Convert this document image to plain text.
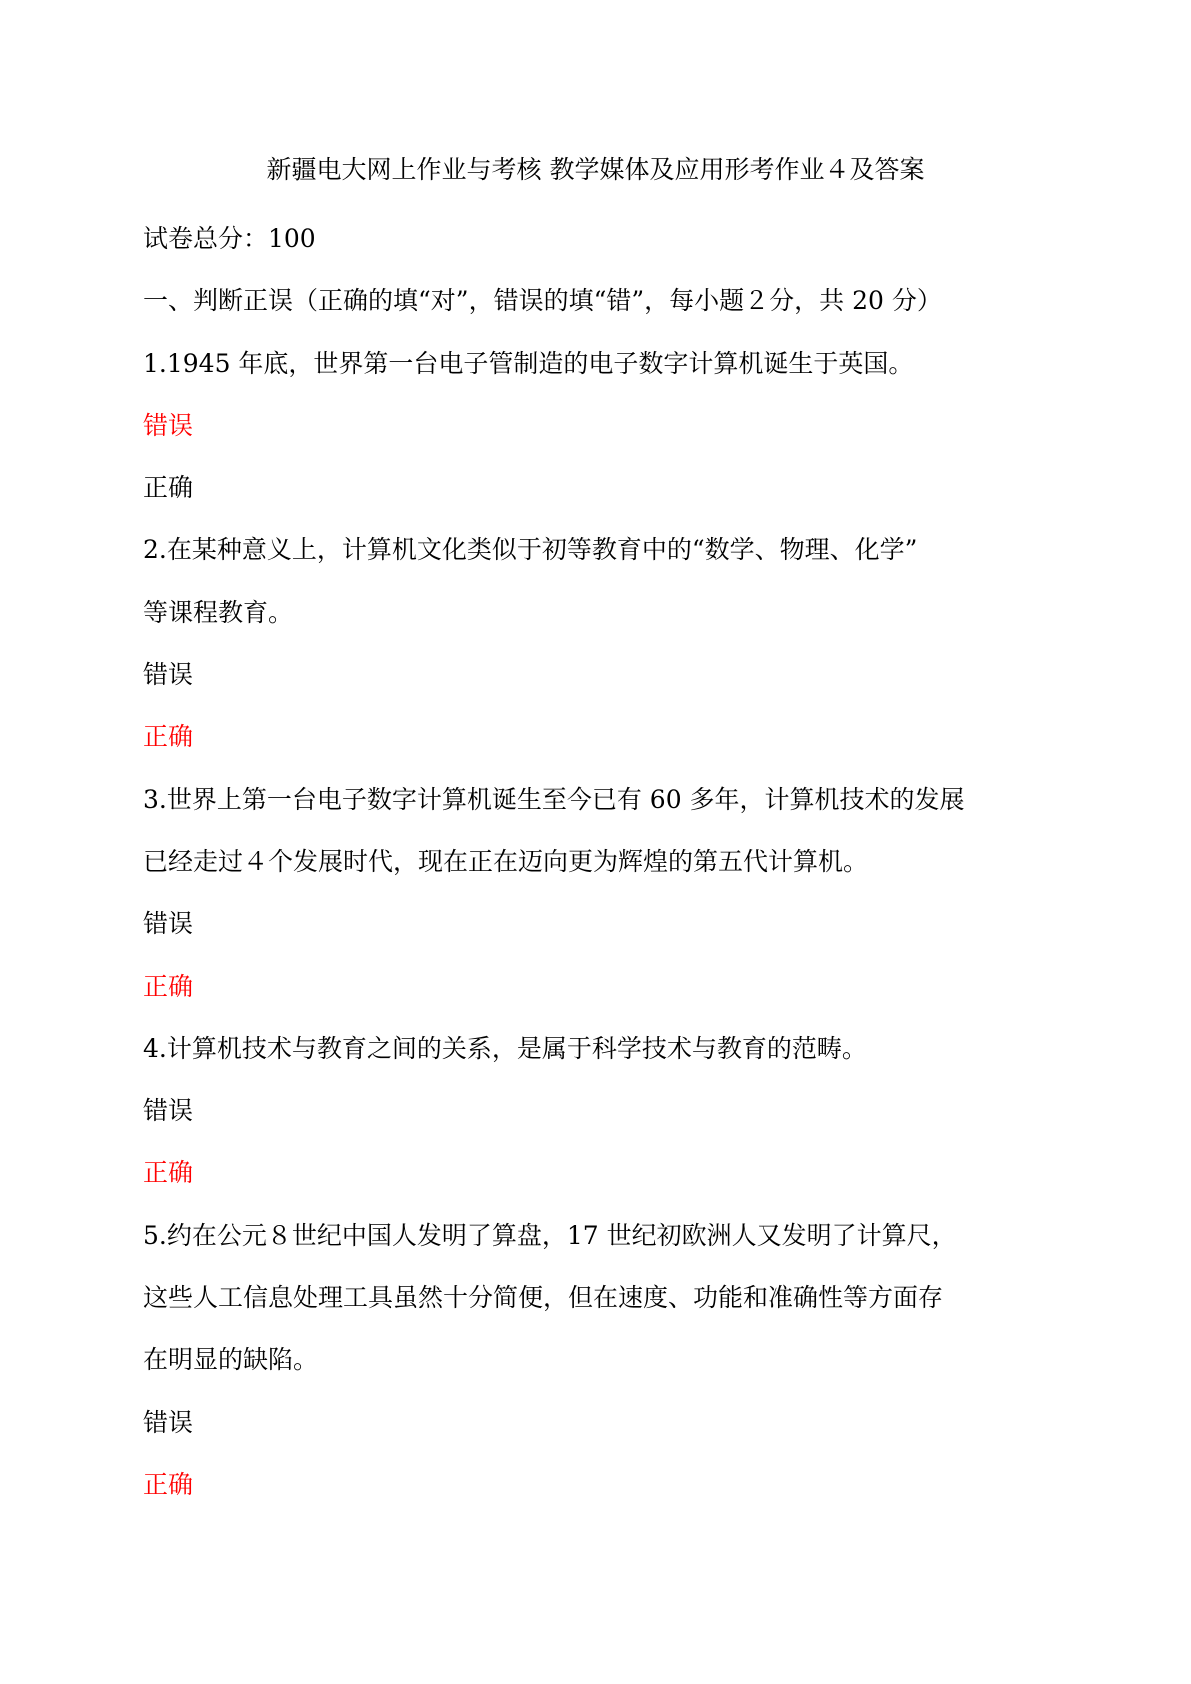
新疆电大网上作业与考核 教学媒体及应用形考作业４及答案
试卷总分：100
一、判断正误（正确的填“对”，错误的填“错”，每小题２分，共 20 分）
1.1945 年底，世界第一台电子管制造的电子数字计算机诞生于英国。
错误
正确
2.在某种意义上，计算机文化类似于初等教育中的“数学、物理、化学”
等课程教育。
错误
正确
3.世界上第一台电子数字计算机诞生至今已有 60 多年，计算机技术的发展
已经走过４个发展时代，现在正在迈向更为辉煌的第五代计算机。
错误
正确
4.计算机技术与教育之间的关系，是属于科学技术与教育的范畴。
错误
正确
5.约在公元８世纪中国人发明了算盘，17 世纪初欧洲人又发明了计算尺，
这些人工信息处理工具虽然十分简便，但在速度、功能和准确性等方面存
在明显的缺陷。
错误
正确
